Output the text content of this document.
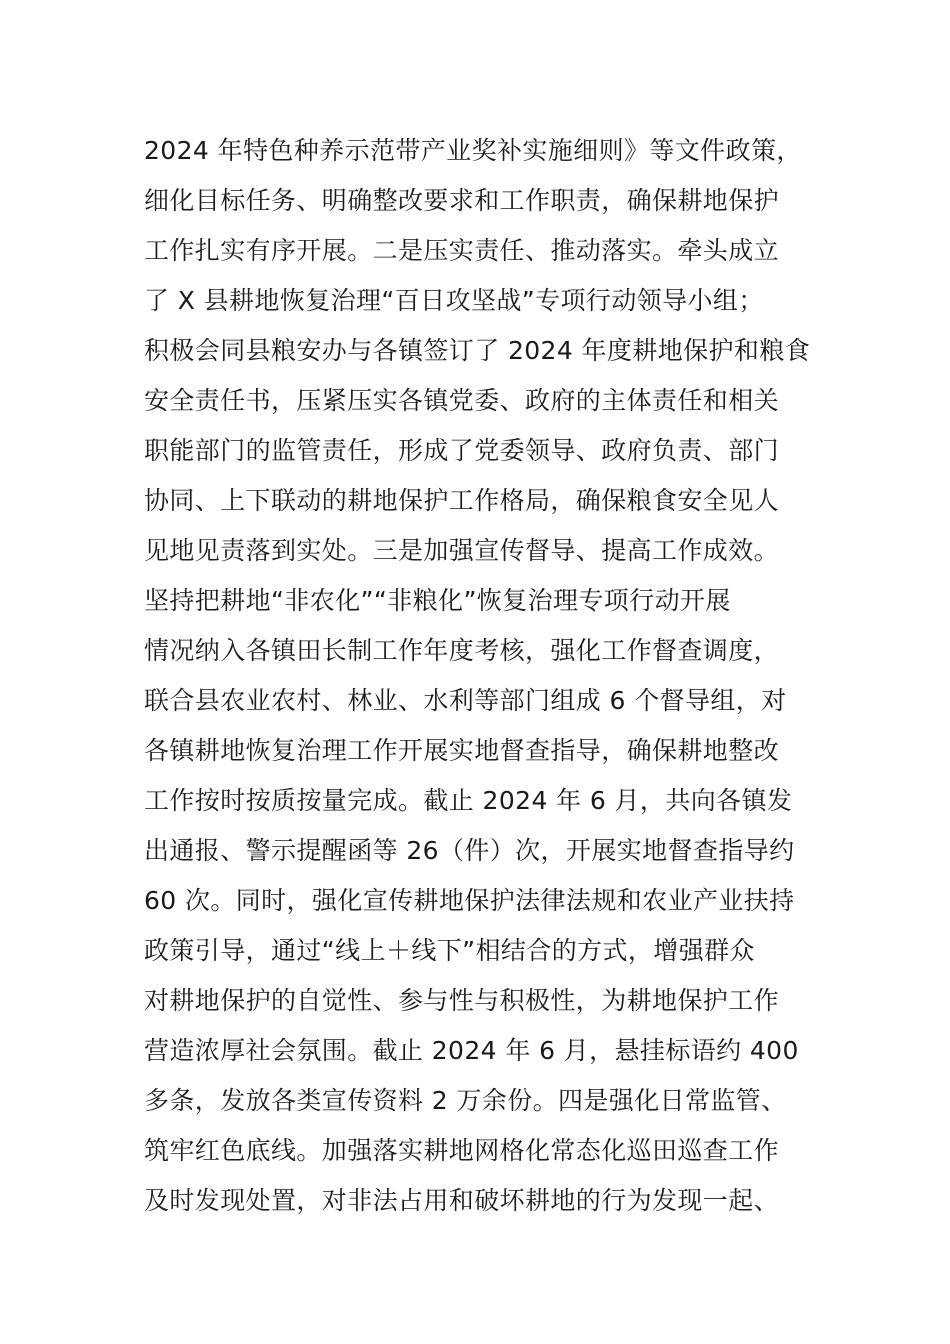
2024 年特色种养示范带产业奖补实施细则》等文件政策，
细化目标任务、明确整改要求和工作职责，确保耕地保护
工作扎实有序开展。二是压实责任、推动落实。牵头成立
了 X 县耕地恢复治理“百日攻坚战”专项行动领导小组；
积极会同县粮安办与各镇签订了 2024 年度耕地保护和粮食
安全责任书，压紧压实各镇党委、政府的主体责任和相关
职能部门的监管责任，形成了党委领导、政府负责、部门
协同、上下联动的耕地保护工作格局，确保粮食安全见人
见地见责落到实处。三是加强宣传督导、提高工作成效。
坚持把耕地“非农化”“非粮化”恢复治理专项行动开展
情况纳入各镇田长制工作年度考核，强化工作督查调度，
联合县农业农村、林业、水利等部门组成 6 个督导组，对
各镇耕地恢复治理工作开展实地督查指导，确保耕地整改
工作按时按质按量完成。截止 2024 年 6 月，共向各镇发
出通报、警示提醒函等 26（件）次，开展实地督查指导约
60 次。同时，强化宣传耕地保护法律法规和农业产业扶持
政策引导，通过“线上＋线下”相结合的方式，增强群众
对耕地保护的自觉性、参与性与积极性，为耕地保护工作
营造浓厚社会氛围。截止 2024 年 6 月，悬挂标语约 400
多条，发放各类宣传资料 2 万余份。四是强化日常监管、
筑牢红色底线。加强落实耕地网格化常态化巡田巡查工作
及时发现处置，对非法占用和破坏耕地的行为发现一起、
